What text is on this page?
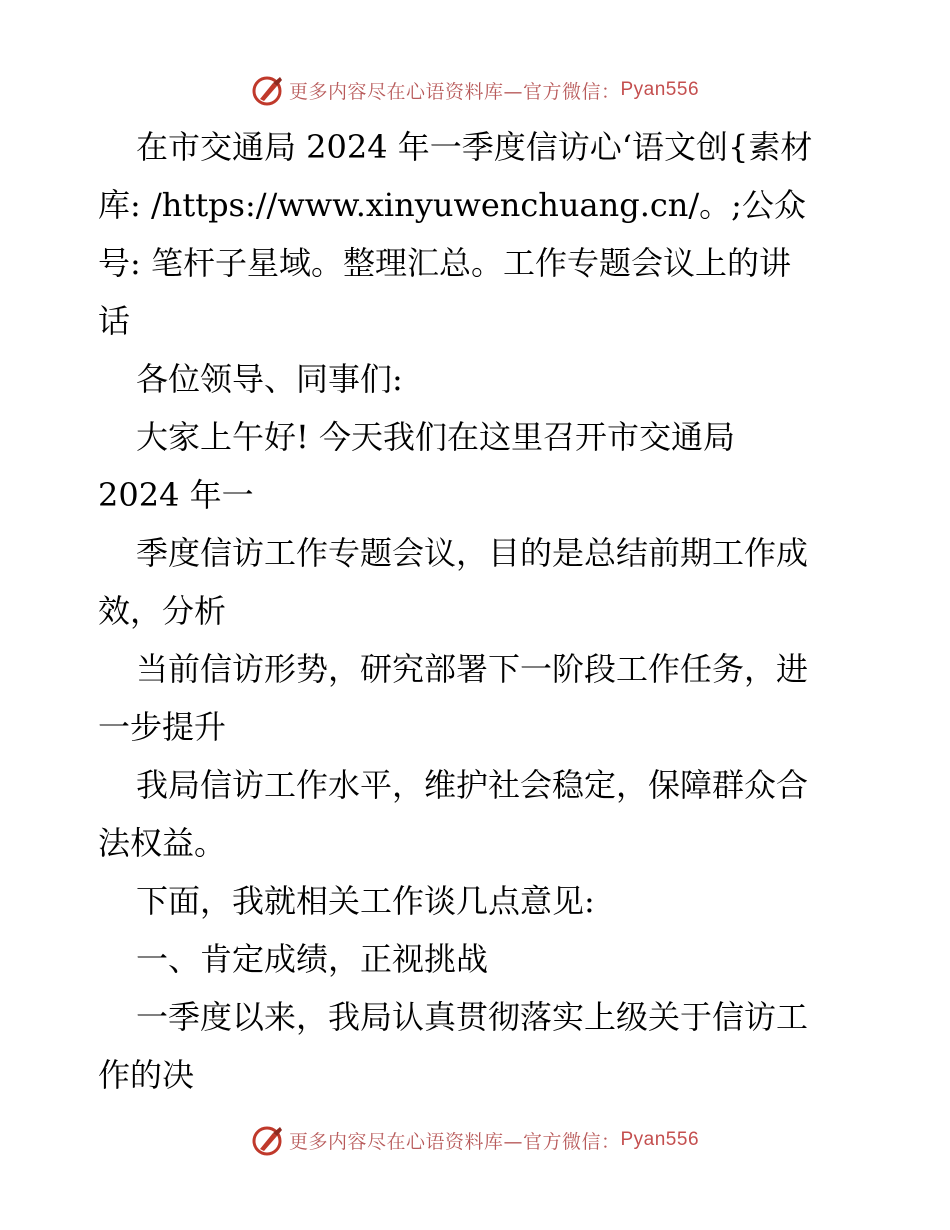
更多内容尽在心语资料库—官方微信： Pyan556
在市交通局 2024 年一季度信访心‘语文创{素材
库: /https://www.xinyuwenchuang.cn/。;公众
号: 笔杆子星域。整理汇总。工作专题会议上的讲
话
各位领导、同事们:
大家上午好! 今天我们在这里召开市交通局
2024 年一
季度信访工作专题会议，目的是总结前期工作成
效，分析
当前信访形势，研究部署下一阶段工作任务，进
一步提升
我局信访工作水平，维护社会稳定，保障群众合
法权益。
下面，我就相关工作谈几点意见:
一、肯定成绩，正视挑战
一季度以来，我局认真贯彻落实上级关于信访工
作的决
更多内容尽在心语资料库—官方微信： Pyan556
